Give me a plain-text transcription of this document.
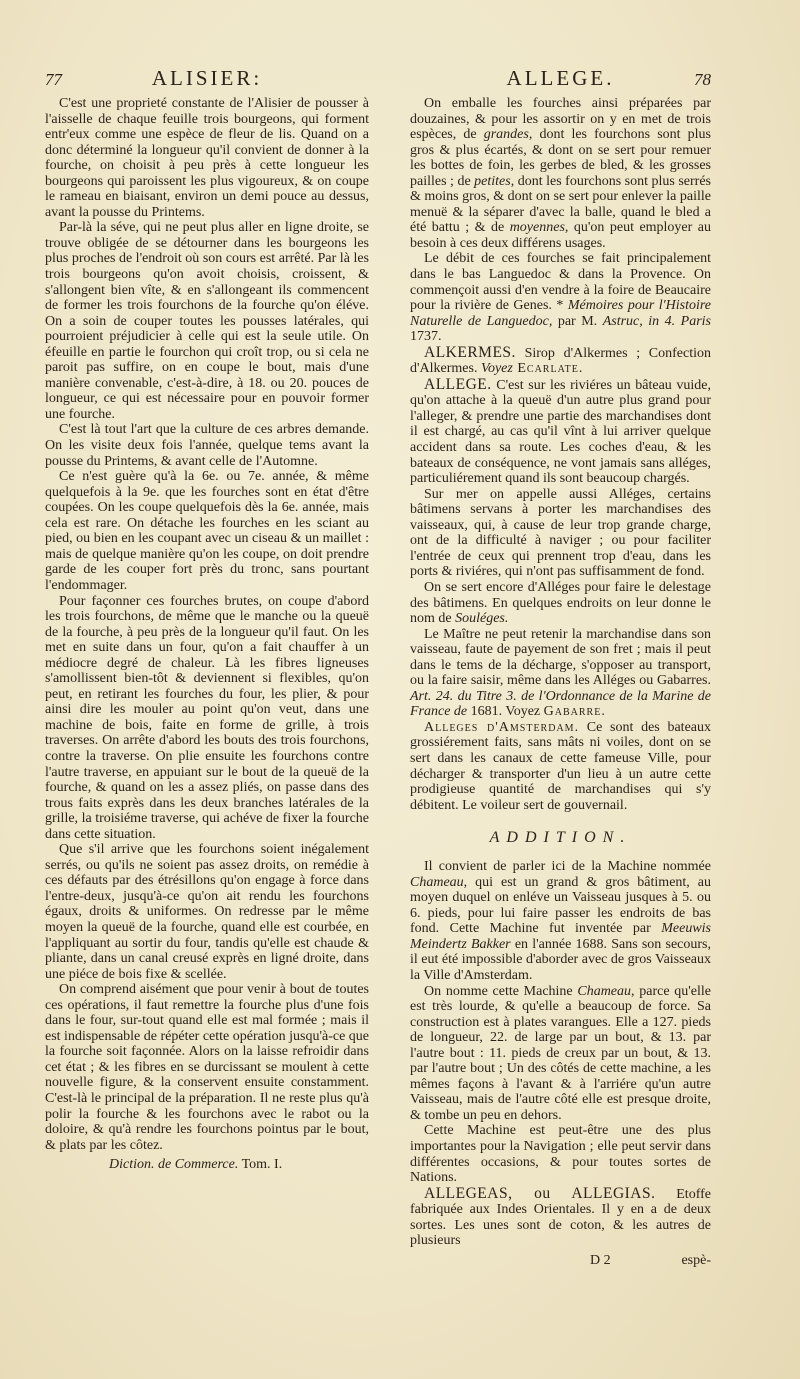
77	ALISIER:

C'est une proprieté constante de l'Alisier de pousser à l'aisselle de chaque feuille trois bourgeons, qui forment entr'eux comme une espèce de fleur de lis. Quand on a donc déterminé la longueur qu'il convient de donner à la fourche, on choisit à peu près à cette longueur les bourgeons qui paroissent les plus vigoureux, & on coupe le rameau en biaisant, environ un demi pouce au dessus, avant la pousse du Printems.

Par-là la séve, qui ne peut plus aller en ligne droite, se trouve obligée de se détourner dans les bourgeons les plus proches de l'endroit où son cours est arrêté. Par là les trois bourgeons qu'on avoit choisis, croissent, & s'allongent bien vîte, & en s'allongeant ils commencent de former les trois fourchons de la fourche qu'on éléve. On a soin de couper toutes les pousses latérales, qui pourroient préjudicier à celle qui est la seule utile. On éfeuille en partie le fourchon qui croît trop, ou si cela ne paroit pas suffire, on en coupe le bout, mais d'une manière convenable, c'est-à-dire, à 18. ou 20. pouces de longueur, ce qui est nécessaire pour en pouvoir former une fourche.

C'est là tout l'art que la culture de ces arbres demande. On les visite deux fois l'année, quelque tems avant la pousse du Printems, & avant celle de l'Automne.

Ce n'est guère qu'à la 6e. ou 7e. année, & même quelquefois à la 9e. que les fourches sont en état d'être coupées. On les coupe quelquefois dès la 6e. année, mais cela est rare. On détache les fourches en les sciant au pied, ou bien en les coupant avec un ciseau & un maillet : mais de quelque manière qu'on les coupe, on doit prendre garde de les couper fort près du tronc, sans pourtant l'endommager.

Pour façonner ces fourches brutes, on coupe d'abord les trois fourchons, de même que le manche ou la queuë de la fourche, à peu près de la longueur qu'il faut. On les met en suite dans un four, qu'on a fait chauffer à un médiocre degré de chaleur. Là les fibres ligneuses s'amollissent bien-tôt & deviennent si flexibles, qu'on peut, en retirant les fourches du four, les plier, & pour ainsi dire les mouler au point qu'on veut, dans une machine de bois, faite en forme de grille, à trois traverses. On arrête d'abord les bouts des trois fourchons, contre la traverse. On plie ensuite les fourchons contre l'autre traverse, en appuiant sur le bout de la queuë de la fourche, & quand on les a assez pliés, on passe dans des trous faits exprès dans les deux branches latérales de la grille, la troisiéme traverse, qui achéve de fixer la fourche dans cette situation.

Que s'il arrive que les fourchons soient inégalement serrés, ou qu'ils ne soient pas assez droits, on remédie à ces défauts par des étrésillons qu'on engage à force dans l'entre-deux, jusqu'à-ce qu'on ait rendu les fourchons égaux, droits & uniformes. On redresse par le même moyen la queuë de la fourche, quand elle est courbée, en l'appliquant au sortir du four, tandis qu'elle est chaude & pliante, dans un canal creusé exprès en ligné droite, dans une piéce de bois fixe & scellée.

On comprend aisément que pour venir à bout de toutes ces opérations, il faut remettre la fourche plus d'une fois dans le four, sur-tout quand elle est mal formée ; mais il est indispensable de répéter cette opération jusqu'à-ce que la fourche soit façonnée. Alors on la laisse refroidir dans cet état ; & les fibres en se durcissant se moulent à cette nouvelle figure, & la conservent ensuite constamment. C'est-là le principal de la préparation. Il ne reste plus qu'à polir la fourche & les fourchons avec le rabot ou la doloire, & qu'à rendre les fourchons pointus par le bout, & plats par les côtez.

Diction. de Commerce. Tom. I.
ALLEGE.	78

On emballe les fourches ainsi préparées par douzaines, & pour les assortir on y en met de trois espèces, de grandes, dont les fourchons sont plus gros & plus écartés, & dont on se sert pour remuer les bottes de foin, les gerbes de bled, & les grosses pailles ; de petites, dont les fourchons sont plus serrés & moins gros, & dont on se sert pour enlever la paille menuë & la séparer d'avec la balle, quand le bled a été battu ; & de moyennes, qu'on peut employer au besoin à ces deux différens usages.

Le débit de ces fourches se fait principalement dans le bas Languedoc & dans la Provence. On commençoit aussi d'en vendre à la foire de Beaucaire pour la rivière de Genes. * Mémoires pour l'Histoire Naturelle de Languedoc, par M. Astruc, in 4. Paris 1737.

ALKERMES. Sirop d'Alkermes ; Confection d'Alkermes. Voyez Ecarlate.

ALLEGE. C'est sur les riviéres un bâteau vuide, qu'on attache à la queuë d'un autre plus grand pour l'alleger, & prendre une partie des marchandises dont il est chargé, au cas qu'il vînt à lui arriver quelque accident dans sa route. Les coches d'eau, & les bateaux de conséquence, ne vont jamais sans alléges, particuliérement quand ils sont beaucoup chargés.

Sur mer on appelle aussi Alléges, certains bâtimens servans à porter les marchandises des vaisseaux, qui, à cause de leur trop grande charge, ont de la difficulté à naviger ; ou pour faciliter l'entrée de ceux qui prennent trop d'eau, dans les ports & riviéres, qui n'ont pas suffisamment de fond.

On se sert encore d'Alléges pour faire le delestage des bâtimens. En quelques endroits on leur donne le nom de Souléges.

Le Maître ne peut retenir la marchandise dans son vaisseau, faute de payement de son fret ; mais il peut dans le tems de la décharge, s'opposer au transport, ou la faire saisir, même dans les Alléges ou Gabarres. Art. 24. du Titre 3. de l'Ordonnance de la Marine de France de 1681. Voyez Gabarre.

Alleges d'Amsterdam. Ce sont des bateaux grossiérement faits, sans mâts ni voiles, dont on se sert dans les canaux de cette fameuse Ville, pour décharger & transporter d'un lieu à un autre cette prodigieuse quantité de marchandises qui s'y débitent. Le voileur sert de gouvernail.

ADDITION.

Il convient de parler ici de la Machine nommée Chameau, qui est un grand & gros bâtiment, au moyen duquel on enléve un Vaisseau jusques à 5. ou 6. pieds, pour lui faire passer les endroits de bas fond. Cette Machine fut inventée par Meeuwis Meindertz Bakker en l'année 1688. Sans son secours, il eut été impossible d'aborder avec de gros Vaisseaux la Ville d'Amsterdam.

On nomme cette Machine Chameau, parce qu'elle est très lourde, & qu'elle a beaucoup de force. Sa construction est à plates varangues. Elle a 127. pieds de longueur, 22. de large par un bout, & 13. par l'autre bout : 11. pieds de creux par un bout, & 13. par l'autre bout ; Un des côtés de cette machine, a les mêmes façons à l'avant & à l'arriére qu'un autre Vaisseau, mais de l'autre côté elle est presque droite, & tombe un peu en dehors.

Cette Machine est peut-être une des plus importantes pour la Navigation ; elle peut servir dans différentes occasions, & pour toutes sortes de Nations.

ALLEGEAS, ou ALLEGIAS. Etoffe fabriquée aux Indes Orientales. Il y en a de deux sortes. Les unes sont de coton, & les autres de plusieurs

D 2	espè-
